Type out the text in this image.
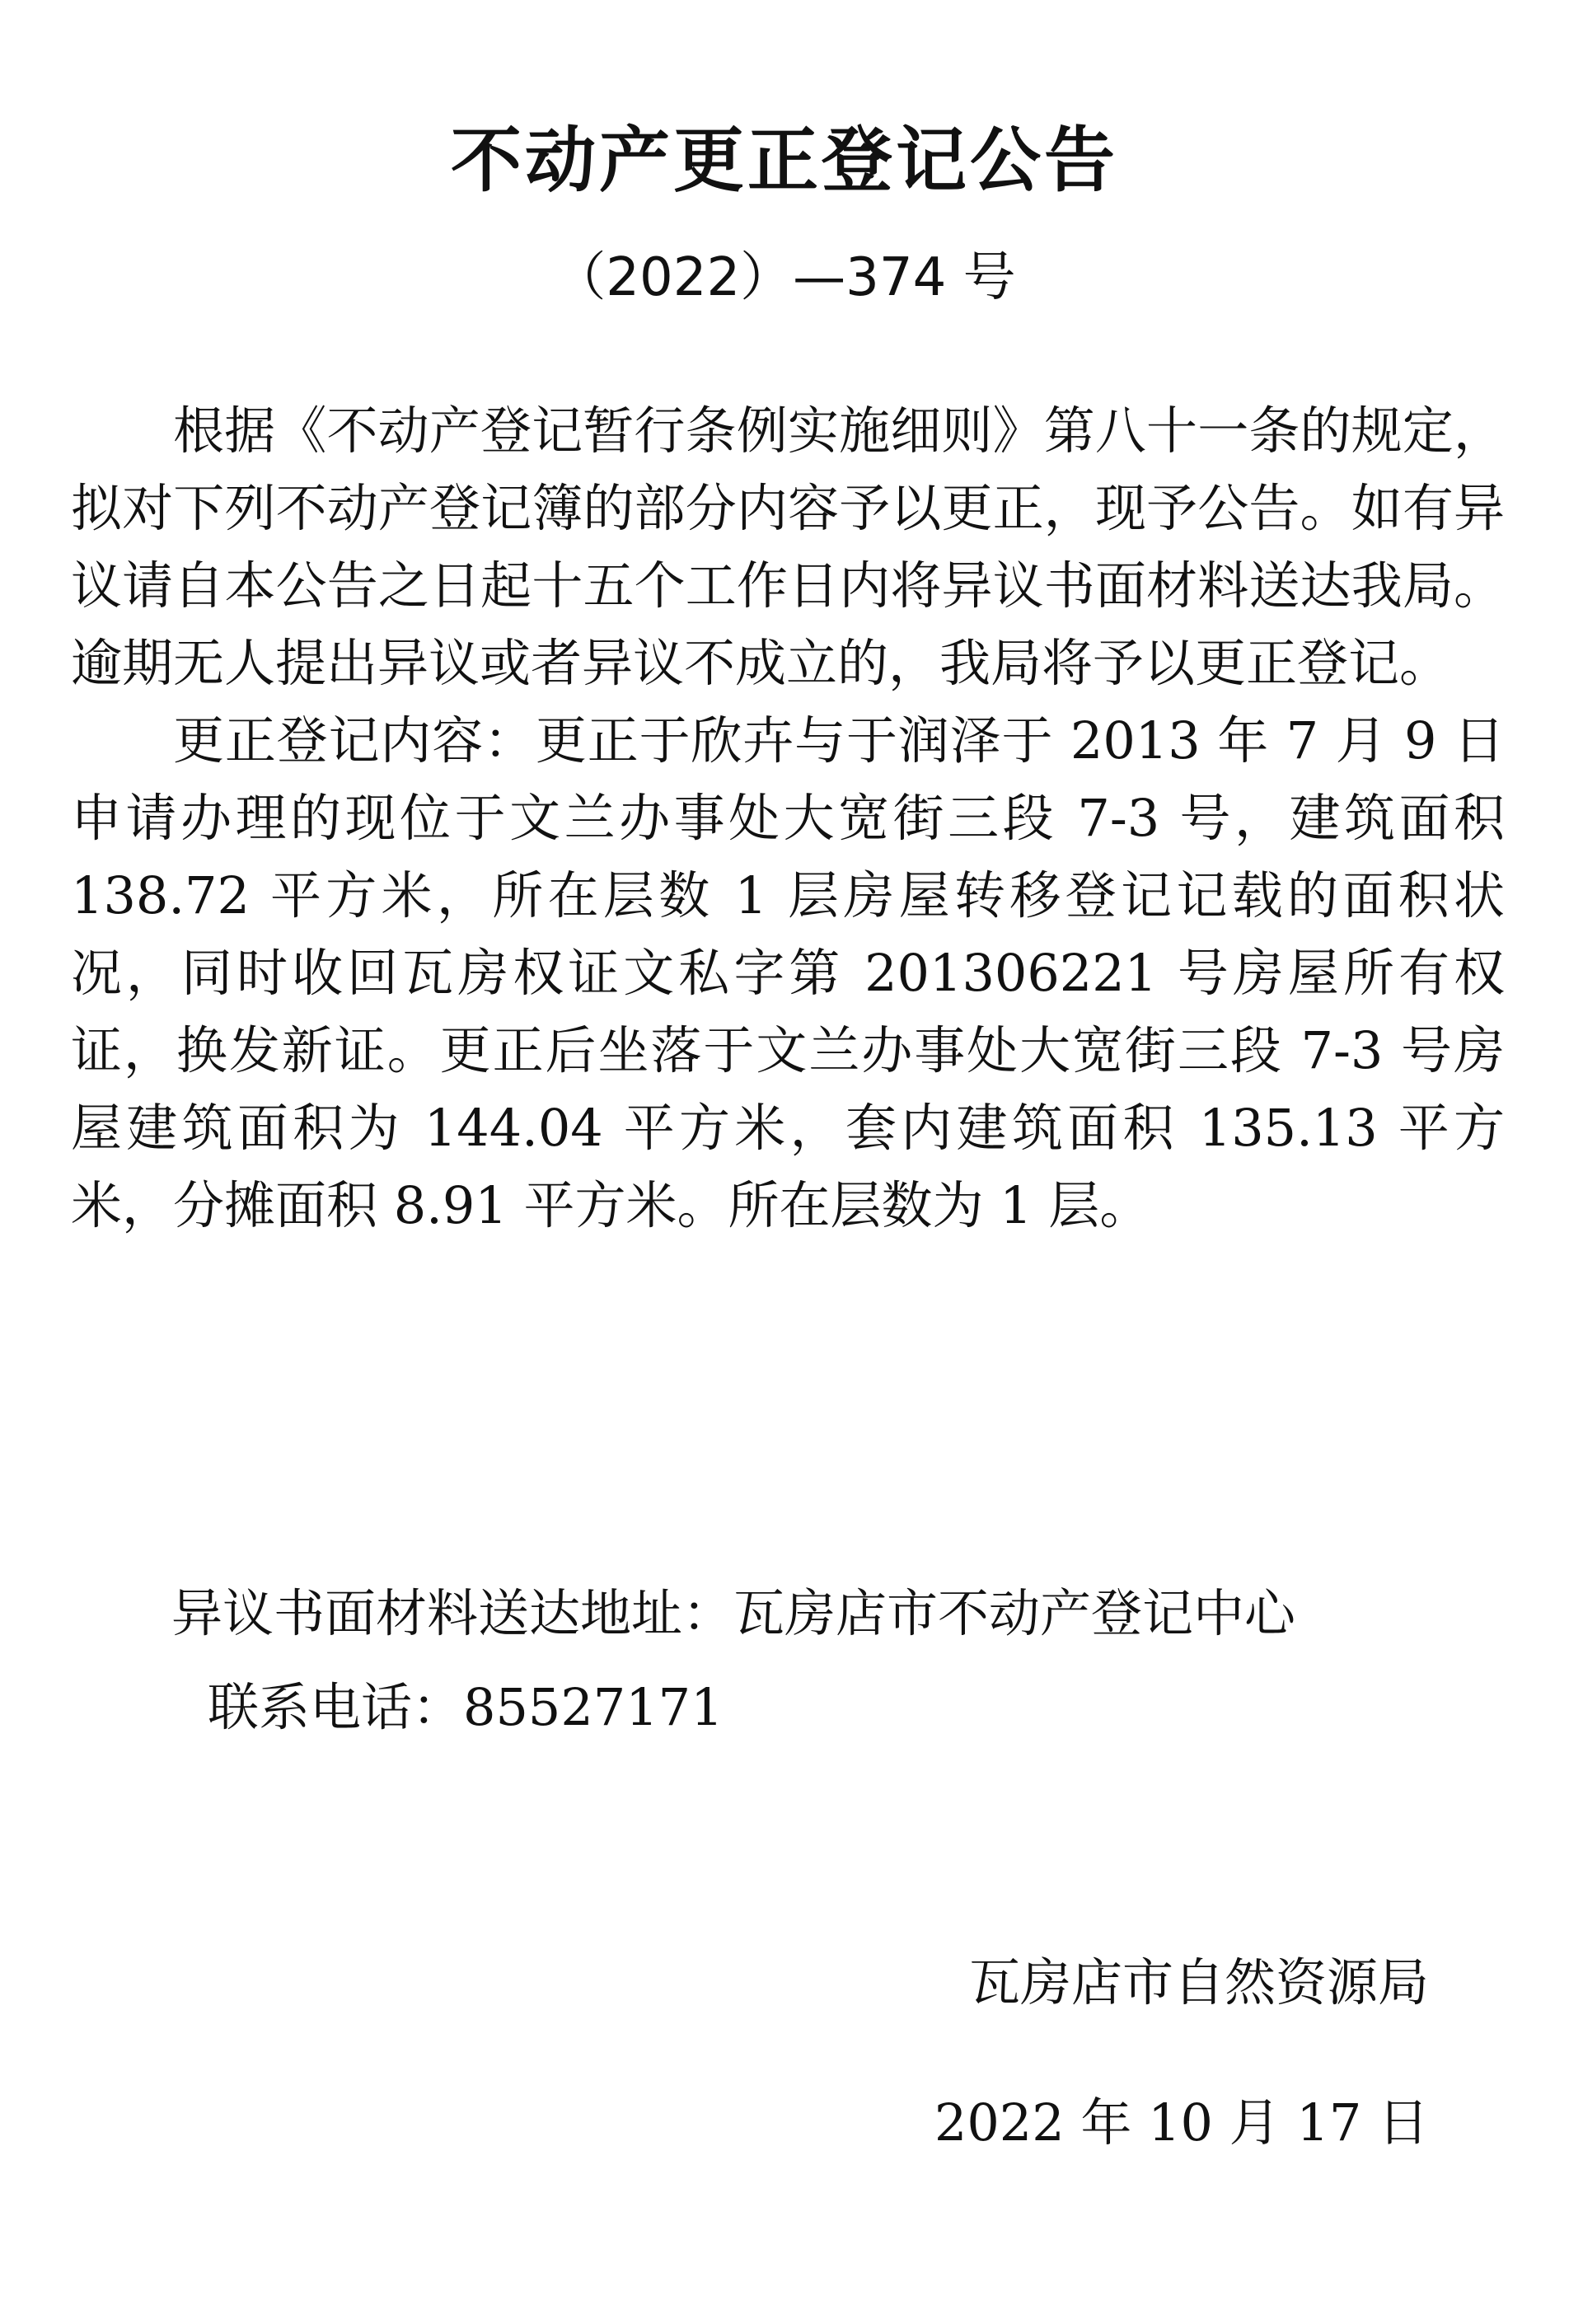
不动产更正登记公告
（2022）—374 号

根据《不动产登记暂行条例实施细则》第八十一条的规定，拟对下列不动产登记簿的部分内容予以更正，现予公告。如有异议请自本公告之日起十五个工作日内将异议书面材料送达我局。逾期无人提出异议或者异议不成立的，我局将予以更正登记。

更正登记内容：更正于欣卉与于润泽于 2013 年 7 月 9 日申请办理的现位于文兰办事处大宽街三段 7-3 号，建筑面积 138.72 平方米，所在层数 1 层房屋转移登记记载的面积状况，同时收回瓦房权证文私字第 201306221 号房屋所有权证，换发新证。更正后坐落于文兰办事处大宽街三段 7-3 号房屋建筑面积为 144.04 平方米，套内建筑面积 135.13 平方米，分摊面积 8.91 平方米。所在层数为 1 层。

异议书面材料送达地址：瓦房店市不动产登记中心
联系电话：85527171
瓦房店市自然资源局
2022 年 10 月 17 日
